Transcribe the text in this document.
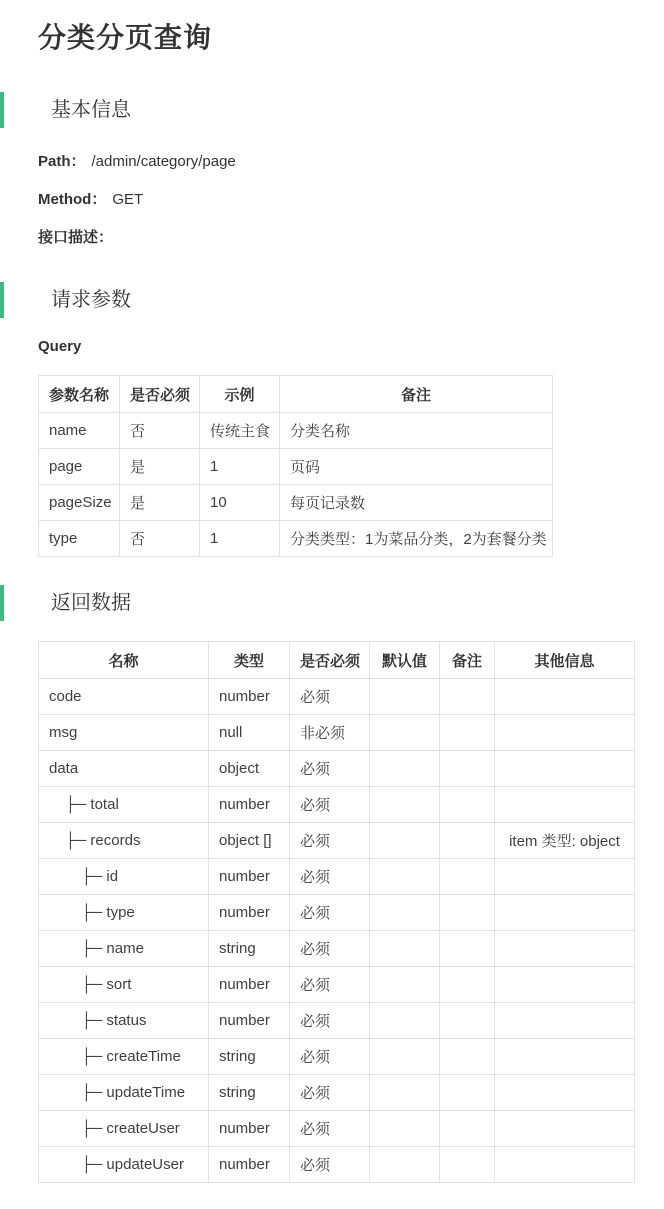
分类分页查询
基本信息

Path： /admin/category/page

Method： GET

接口描述：

请求参数
Query
参数名称	是否必须	示例	备注
name	否	传统主食	分类名称
page	是	1	页码
pageSize	是	10	每页记录数
type	否	1	分类类型：1为菜品分类，2为套餐分类
返回数据
名称	类型	是否必须	默认值	备注	其他信息
code	number	必须			
msg	null	非必须			
data	object	必须			
├─ total	number	必须			
├─ records	object []	必须			item 类型: object
├─ id	number	必须			
├─ type	number	必须			
├─ name	string	必须			
├─ sort	number	必须			
├─ status	number	必须			
├─ createTime	string	必须			
├─ updateTime	string	必须			
├─ createUser	number	必须			
├─ updateUser	number	必须			
